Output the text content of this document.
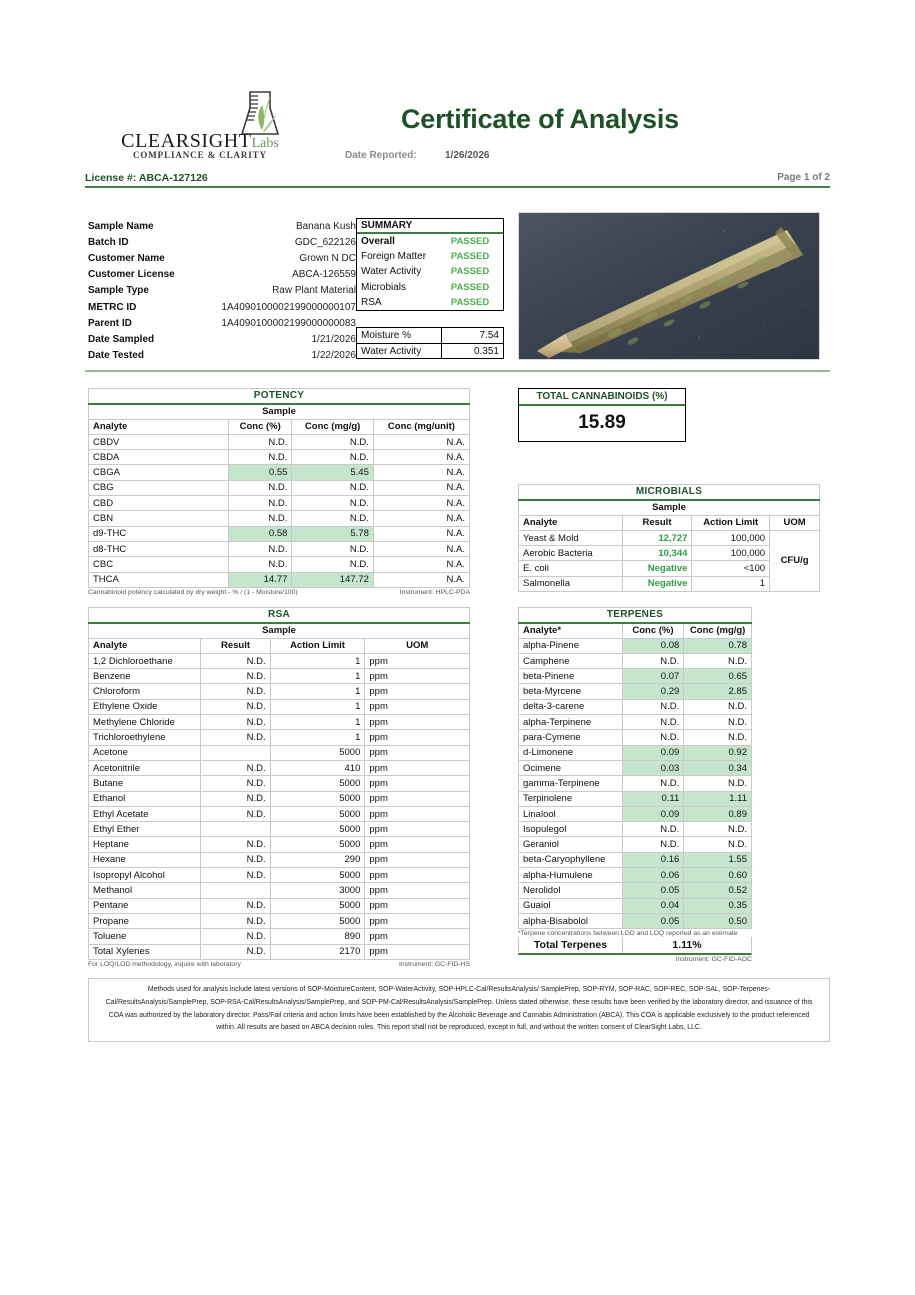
CLEARSIGHTLabs
COMPLIANCE & CLARITY
Certificate of Analysis
Date Reported:	1/26/2026
License #: ABCA-127126	Page 1 of 2
Sample Name	Banana Kush
Batch ID	GDC_622126
Customer Name	Grown N DC
Customer License	ABCA-126559
Sample Type	Raw Plant Material
METRC ID	1A4090100002199000000107
Parent ID	1A4090100002199000000083
Date Sampled	1/21/2026
Date Tested	1/22/2026
SUMMARY
Overall	PASSED
Foreign Matter	PASSED
Water Activity	PASSED
Microbials	PASSED
RSA	PASSED
Moisture %	7.54
Water Activity	0.351
POTENCY			
Sample			
Analyte	Conc (%)	Conc (mg/g)	Conc (mg/unit)
CBDV	N.D.	N.D.	N.A.
CBDA	N.D.	N.D.	N.A.
CBGA	0.55	5.45	N.A.
CBG	N.D.	N.D.	N.A.
CBD	N.D.	N.D.	N.A.
CBN	N.D.	N.D.	N.A.
d9-THC	0.58	5.78	N.A.
d8-THC	N.D.	N.D.	N.A.
CBC	N.D.	N.D.	N.A.
THCA	14.77	147.72	N.A.
Instrument: HPLC-PDA
Cannabinoid potency calculated by dry weight - % / (1 - Moisture/100)
RSA			
Sample			
Analyte	Result	Action Limit	UOM
1,2 Dichloroethane	N.D.	1	ppm
Benzene	N.D.	1	ppm
Chloroform	N.D.	1	ppm
Ethylene Oxide	N.D.	1	ppm
Methylene Chloride	N.D.	1	ppm
Trichloroethylene	N.D.	1	ppm
Acetone		5000	ppm
Acetonitrile	N.D.	410	ppm
Butane	N.D.	5000	ppm
Ethanol	N.D.	5000	ppm
Ethyl Acetate	N.D.	5000	ppm
Ethyl Ether		5000	ppm
Heptane	N.D.	5000	ppm
Hexane	N.D.	290	ppm
Isopropyl Alcohol	N.D.	5000	ppm
Methanol		3000	ppm
Pentane	N.D.	5000	ppm
Propane	N.D.	5000	ppm
Toluene	N.D.	890	ppm
Total Xylenes	N.D.	2170	ppm
Instrument: GC-FID-HS
For LOQ/LOD methodology, inquire with laboratory
TOTAL CANNABINOIDS (%)
15.89
MICROBIALS			
Sample			
Analyte	Result	Action Limit	UOM
Yeast & Mold	12,727	100,000	CFU/g
Aerobic Bacteria	10,344	100,000	
E. coli	Negative	<100	
Salmonella	Negative	1	
TERPENES		
Analyte*	Conc (%)	Conc (mg/g)
alpha-Pinene	0.08	0.78
Camphene	N.D.	N.D.
beta-Pinene	0.07	0.65
beta-Myrcene	0.29	2.85
delta-3-carene	N.D.	N.D.
alpha-Terpinene	N.D.	N.D.
para-Cymene	N.D.	N.D.
d-Limonene	0.09	0.92
Ocimene	0.03	0.34
gamma-Terpinene	N.D.	N.D.
Terpinolene	0.11	1.11
Linalool	0.09	0.89
Isopulegol	N.D.	N.D.
Geraniol	N.D.	N.D.
beta-Caryophyllene	0.16	1.55
alpha-Humulene	0.06	0.60
Nerolidol	0.05	0.52
Guaiol	0.04	0.35
alpha-Bisabolol	0.05	0.50
*Terpene concentrations between LOD and LOQ reported as an estimate
Total Terpenes	1.11%
Instrument: GC-FID-AOC
Methods used for analysis include latest versions of SOP-MoistureContent, SOP-WaterActivity, SOP-HPLC-Cal/ResultsAnalysis/ SamplePrep, SOP-RYM, SOP-RAC, SOP-REC, SOP-SAL, SOP-Terpenes-Cal/ResultsAnalysis/SamplePrep, SOP-RSA-Cal/ResultsAnalysis/SamplePrep, and SOP-PM-Cal/ResultsAnalysis/SamplePrep. Unless stated otherwise, these results have been verified by the laboratory director, and issuance of this COA was authorized by the laboratory director. Pass/Fail criteria and action limits have been established by the Alcoholic Beverage and Cannabis Administration (ABCA). This COA is applicable exclusively to the product referenced within. All results are based on ABCA decision rules. This report shall not be reproduced, except in full, and without the written consent of ClearSight Labs, LLC.
